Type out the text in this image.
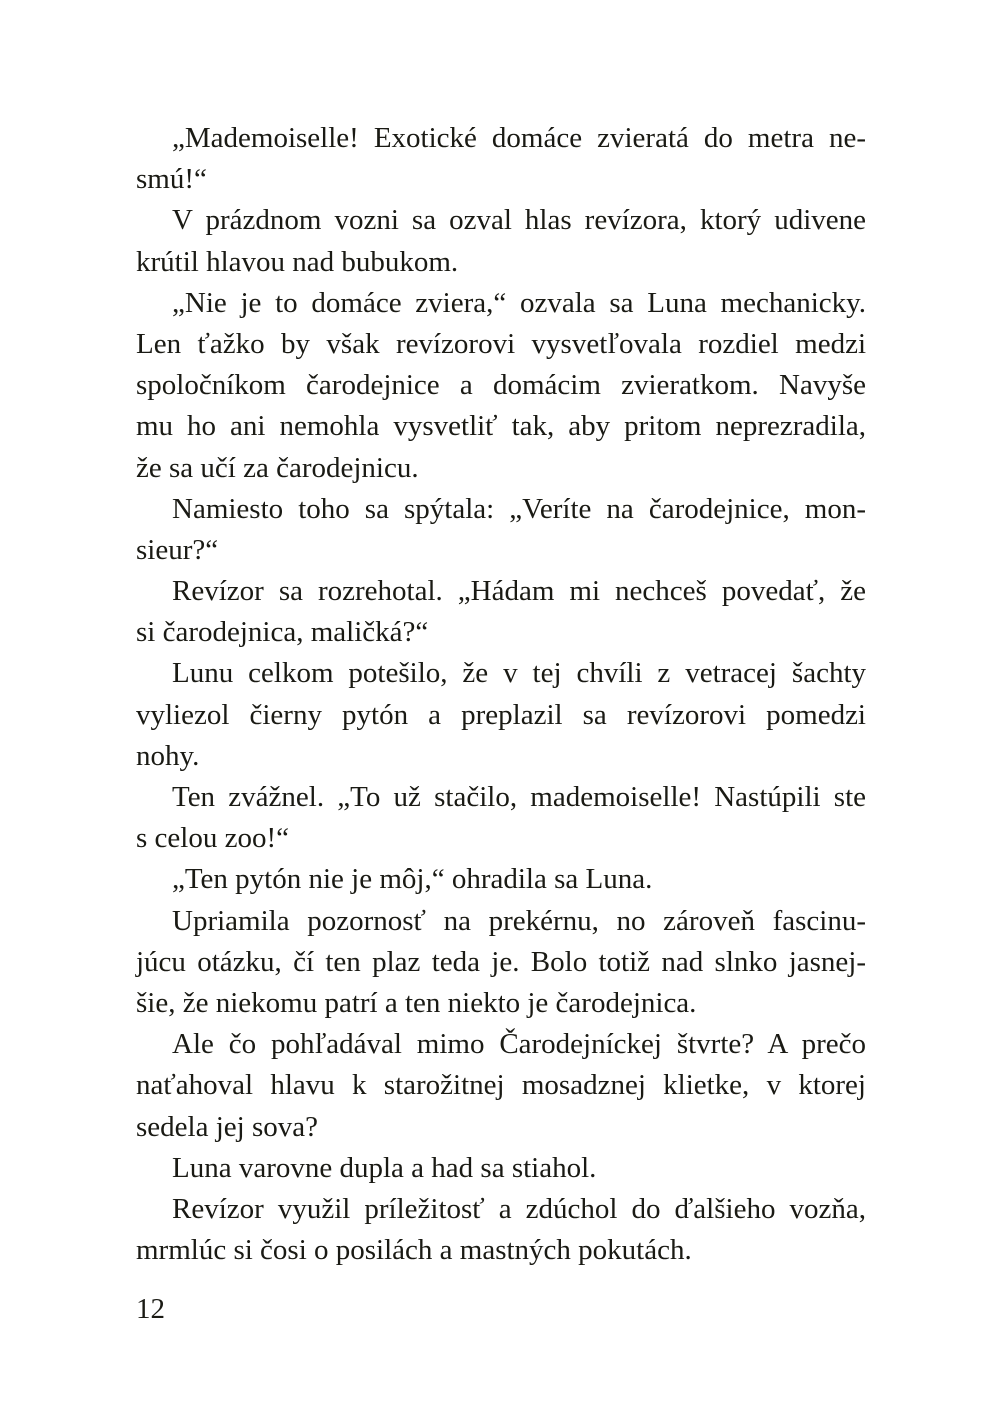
„Mademoiselle! Exotické domáce zvieratá do metra ne-
smú!“
V prázdnom vozni sa ozval hlas revízora, ktorý udivene
krútil hlavou nad bubukom.
„Nie je to domáce zviera,“ ozvala sa Luna mechanicky.
Len ťažko by však revízorovi vysvetľovala rozdiel medzi
spoločníkom čarodejnice a domácim zvieratkom. Navyše
mu ho ani nemohla vysvetliť tak, aby pritom neprezradila,
že sa učí za čarodejnicu.
Namiesto toho sa spýtala: „Veríte na čarodejnice, mon-
sieur?“
Revízor sa rozrehotal. „Hádam mi nechceš povedať, že
si čarodejnica, maličká?“
Lunu celkom potešilo, že v tej chvíli z vetracej šachty
vyliezol čierny pytón a preplazil sa revízorovi pomedzi
nohy.
Ten zvážnel. „To už stačilo, mademoiselle! Nastúpili ste
s celou zoo!“
„Ten pytón nie je môj,“ ohradila sa Luna.
Upriamila pozornosť na prekérnu, no zároveň fascinu-
júcu otázku, čí ten plaz teda je. Bolo totiž nad slnko jasnej-
šie, že niekomu patrí a ten niekto je čarodejnica.
Ale čo pohľadával mimo Čarodejníckej štvrte? A prečo
naťahoval hlavu k starožitnej mosadznej klietke, v ktorej
sedela jej sova?
Luna varovne dupla a had sa stiahol.
Revízor využil príležitosť a zdúchol do ďalšieho vozňa,
mrmlúc si čosi o posilách a mastných pokutách.
12
